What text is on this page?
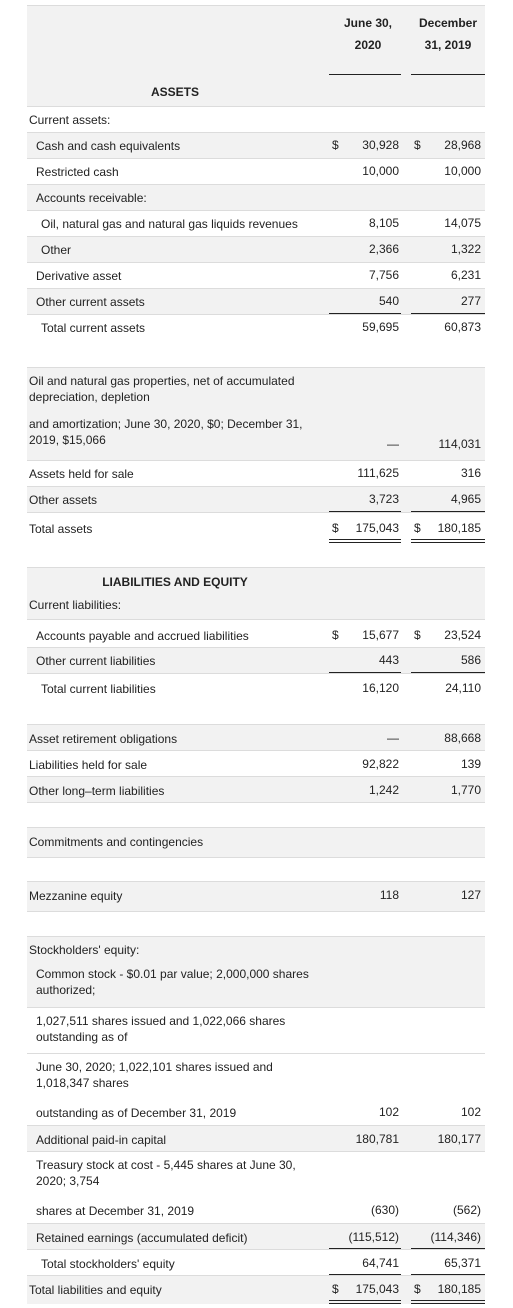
June 30,
2020
December
31, 2019
ASSETS
Current assets:
Cash and cash equivalents	$	30,928 $	28,968
Restricted cash	10,000	10,000
Accounts receivable:
Oil, natural gas and natural gas liquids revenues	8,105	14,075
Other	2,366	1,322
Derivative asset	7,756	6,231
Other current assets	540	277
Total current assets	59,695	60,873
Oil and natural gas properties, net of accumulated depreciation, depletion
and amortization; June 30, 2020, $0; December 31, 2019, $15,066	—	114,031
Assets held for sale	111,625	316
Other assets	3,723	4,965
Total assets	$	175,043 $	180,185
LIABILITIES AND EQUITY
Current liabilities:
Accounts payable and accrued liabilities	$	15,677 $	23,524
Other current liabilities	443	586
Total current liabilities	16,120	24,110
Asset retirement obligations	—	88,668
Liabilities held for sale	92,822	139
Other long–term liabilities	1,242	1,770
Commitments and contingencies
Mezzanine equity	118	127
Stockholders' equity:
Common stock - $0.01 par value; 2,000,000 shares authorized;
1,027,511 shares issued and 1,022,066 shares outstanding as of
June 30, 2020; 1,022,101 shares issued and 1,018,347 shares
outstanding as of December 31, 2019	102	102
Additional paid-in capital	180,781	180,177
Treasury stock at cost - 5,445 shares at June 30, 2020; 3,754
shares at December 31, 2019	(630)	(562)
Retained earnings (accumulated deficit)	(115,512)	(114,346)
Total stockholders' equity	64,741	65,371
Total liabilities and equity	$	175,043 $	180,185
